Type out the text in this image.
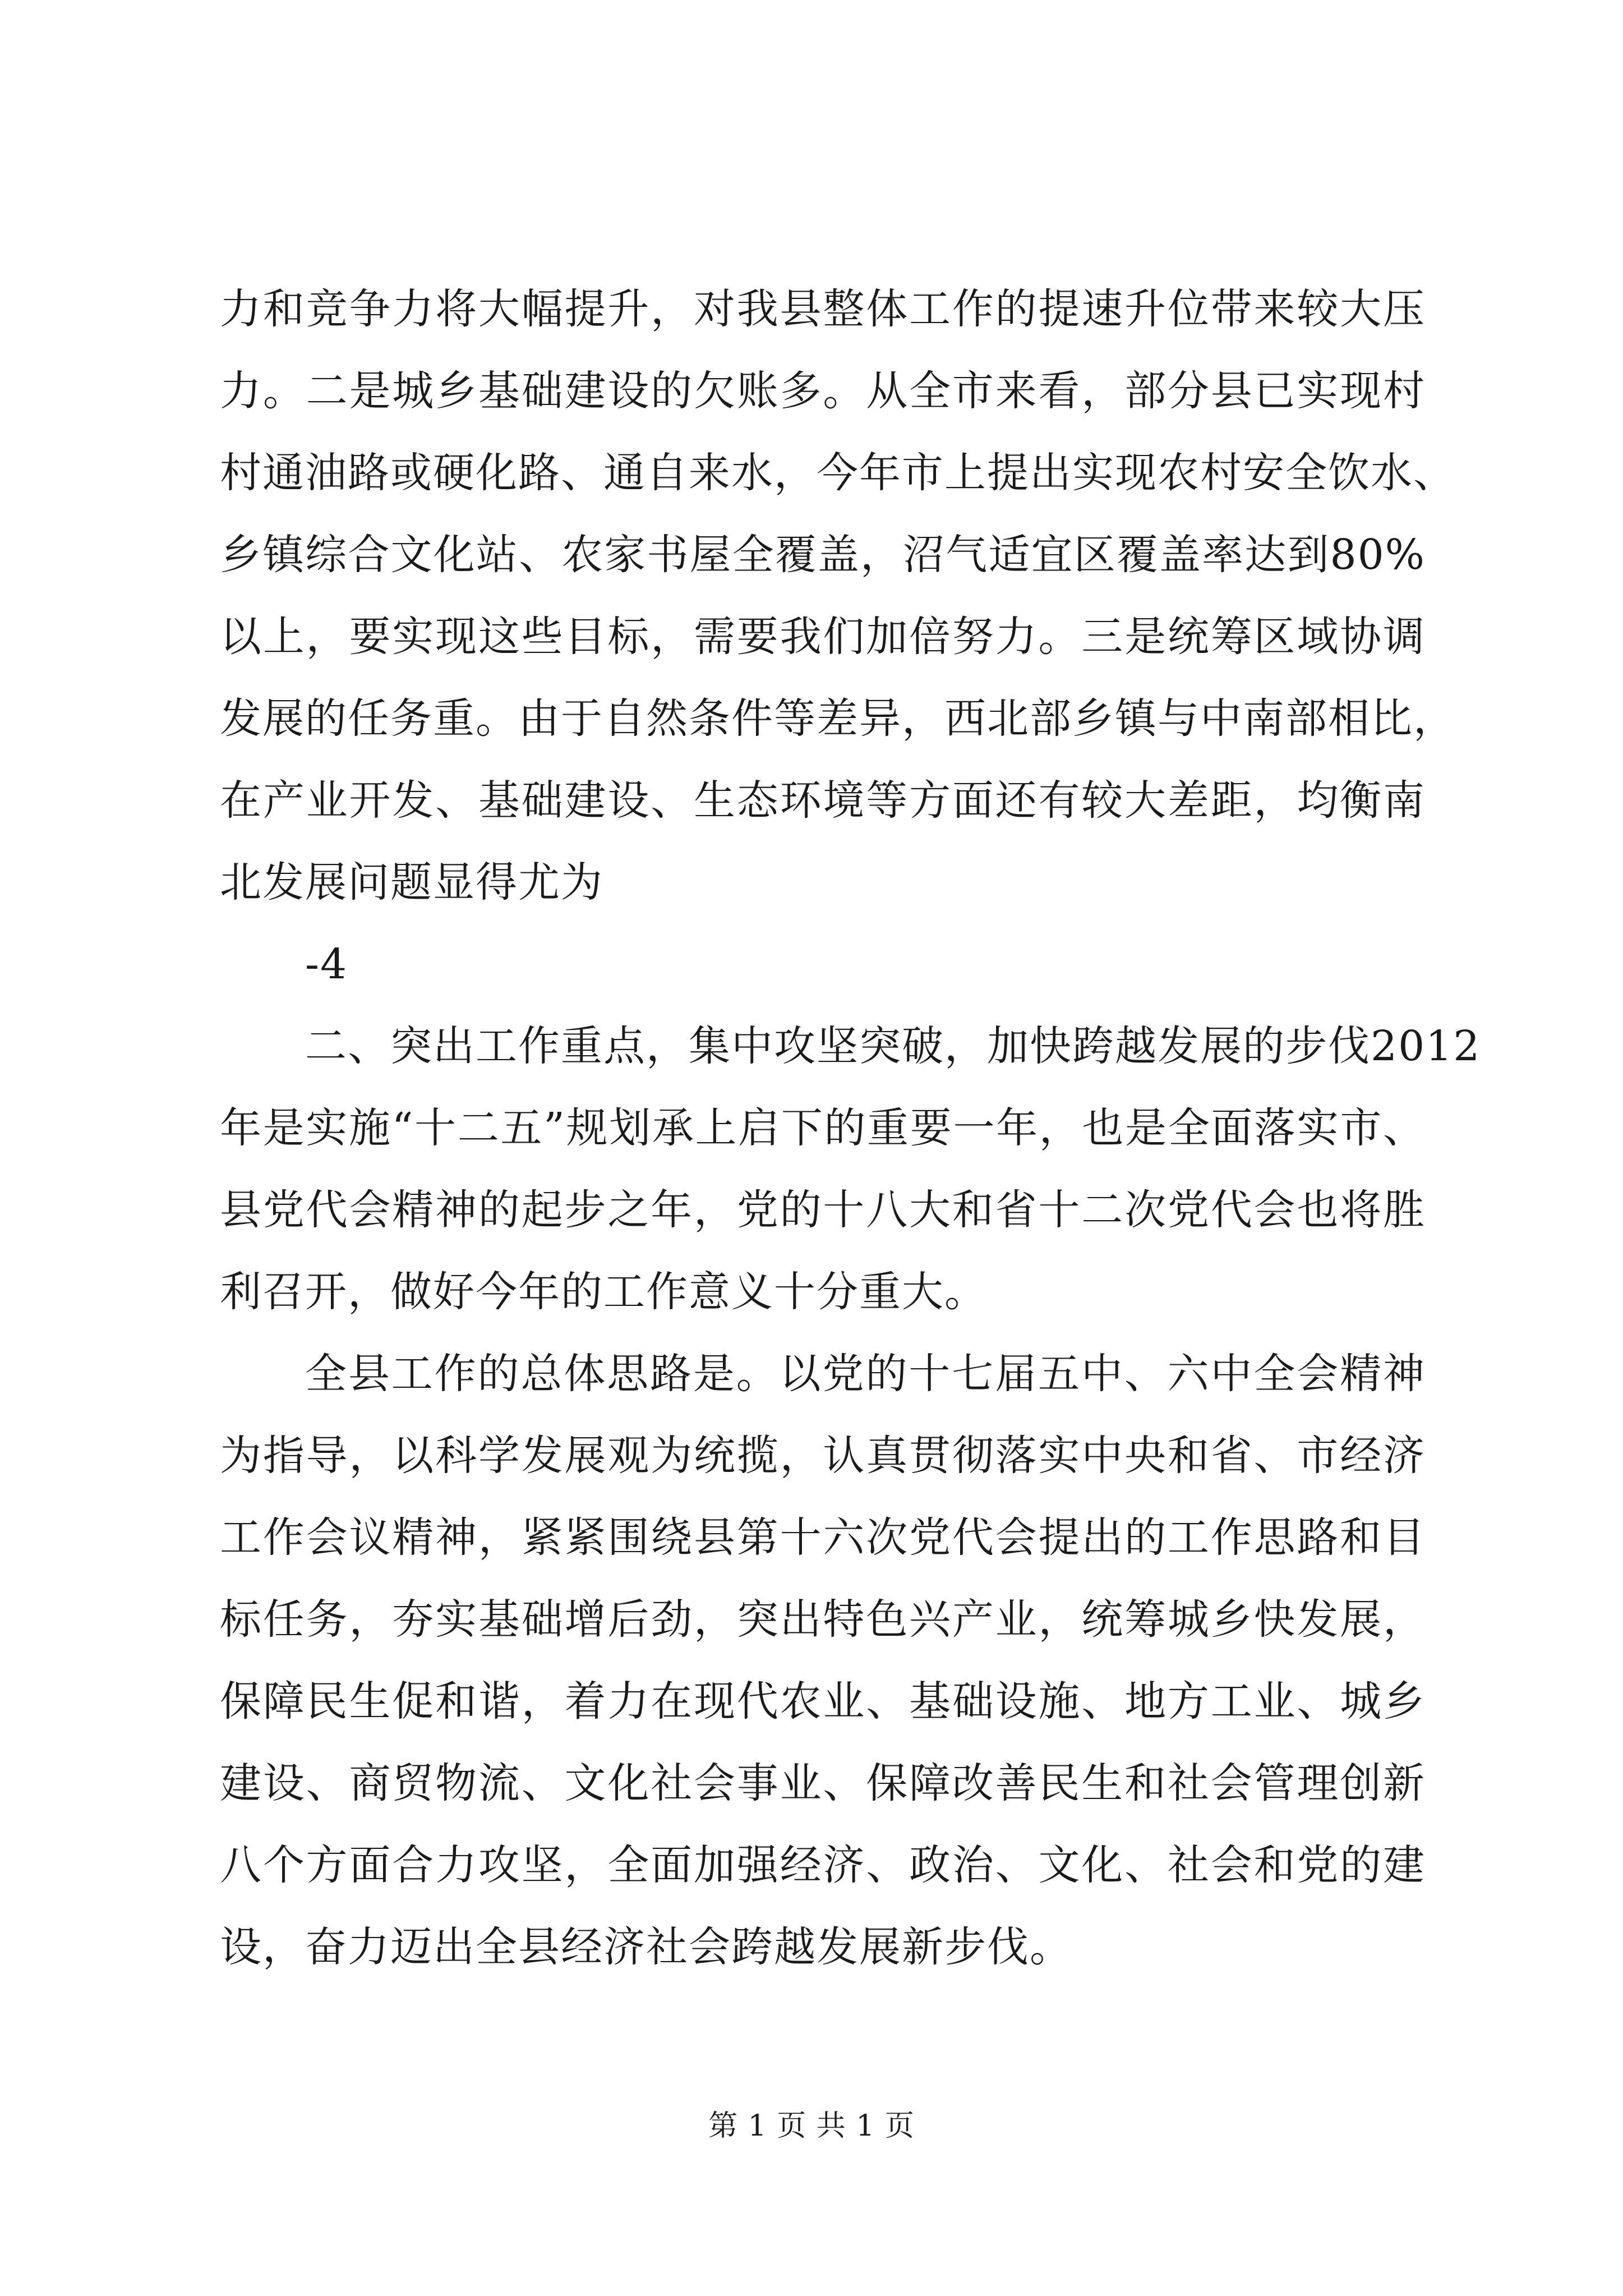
力和竞争力将大幅提升，对我县整体工作的提速升位带来较大压
力。二是城乡基础建设的欠账多。从全市来看，部分县已实现村
村通油路或硬化路、通自来水，今年市上提出实现农村安全饮水、
乡镇综合文化站、农家书屋全覆盖，沼气适宜区覆盖率达到80%
以上，要实现这些目标，需要我们加倍努力。三是统筹区域协调
发展的任务重。由于自然条件等差异，西北部乡镇与中南部相比，
在产业开发、基础建设、生态环境等方面还有较大差距，均衡南
北发展问题显得尤为
-4
二、突出工作重点，集中攻坚突破，加快跨越发展的步伐2012
年是实施“十二五”规划承上启下的重要一年，也是全面落实市、
县党代会精神的起步之年，党的十八大和省十二次党代会也将胜
利召开，做好今年的工作意义十分重大。
全县工作的总体思路是。以党的十七届五中、六中全会精神
为指导，以科学发展观为统揽，认真贯彻落实中央和省、市经济
工作会议精神，紧紧围绕县第十六次党代会提出的工作思路和目
标任务，夯实基础增后劲，突出特色兴产业，统筹城乡快发展，
保障民生促和谐，着力在现代农业、基础设施、地方工业、城乡
建设、商贸物流、文化社会事业、保障改善民生和社会管理创新
八个方面合力攻坚，全面加强经济、政治、文化、社会和党的建
设，奋力迈出全县经济社会跨越发展新步伐。
第 1 页 共 1 页
